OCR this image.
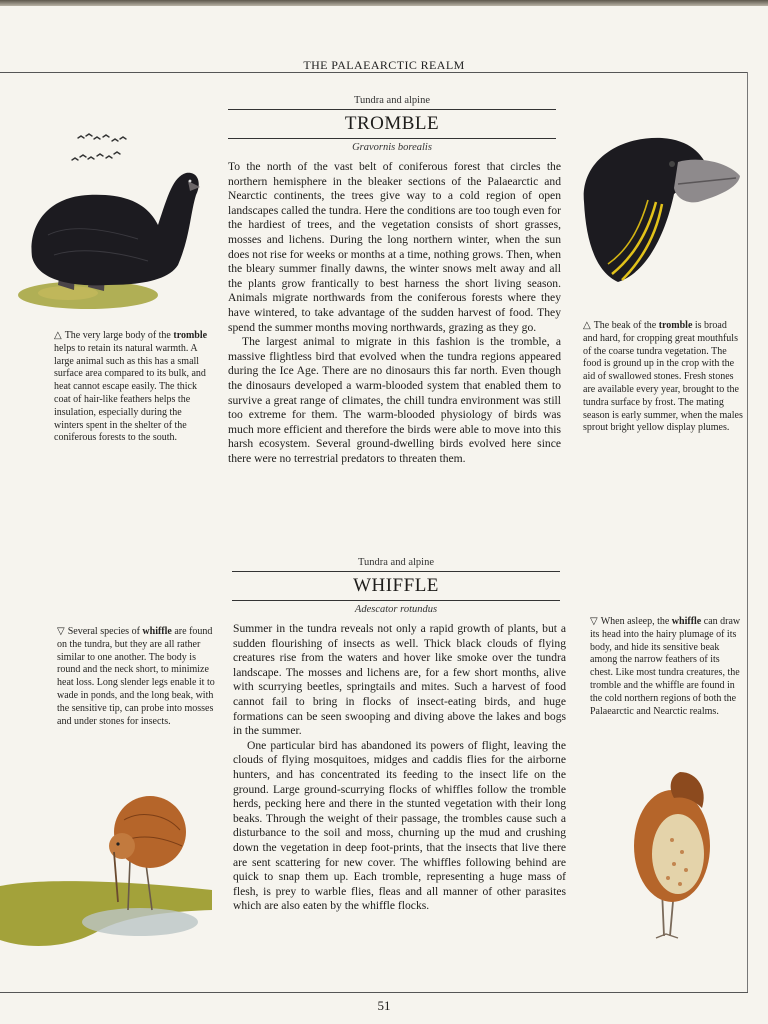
THE PALAEARCTIC REALM
Tundra and alpine
TROMBLE
Gravornis borealis

To the north of the vast belt of coniferous forest that circles the northern hemisphere in the bleaker sections of the Palaearctic and Nearctic continents, the trees give way to a cold region of open landscapes called the tundra. Here the conditions are too tough even for the hardiest of trees, and the vegetation consists of short grasses, mosses and lichens. During the long northern winter, when the sun does not rise for weeks or months at a time, nothing grows. Then, when the bleary summer finally dawns, the winter snows melt away and all the plants grow frantically to best harness the short living season. Animals migrate northwards from the coniferous forests where they have wintered, to take advantage of the sudden harvest of food. They spend the summer months moving northwards, grazing as they go.

The largest animal to migrate in this fashion is the tromble, a massive flightless bird that evolved when the tundra regions appeared during the Ice Age. There are no dinosaurs this far north. Even though the dinosaurs developed a warm-blooded system that enabled them to survive a great range of climates, the chill tundra environment was still too extreme for them. The warm-blooded physiology of birds was much more efficient and therefore the birds were able to move into this harsh ecosystem. Several ground-dwelling birds evolved here since there were no terrestrial predators to threaten them.

△ The very large body of the tromble helps to retain its natural warmth. A large animal such as this has a small surface area compared to its bulk, and heat cannot escape easily. The thick coat of hair-like feathers helps the insulation, especially during the winters spent in the shelter of the coniferous forests to the south.
△ The beak of the tromble is broad and hard, for cropping great mouthfuls of the coarse tundra vegetation. The food is ground up in the crop with the aid of swallowed stones. Fresh stones are available every year, brought to the tundra surface by frost. The mating season is early summer, when the males sprout bright yellow display plumes.
Tundra and alpine
WHIFFLE
Adescator rotundus

Summer in the tundra reveals not only a rapid growth of plants, but a sudden flourishing of insects as well. Thick black clouds of flying creatures rise from the waters and hover like smoke over the tundra landscape. The mosses and lichens are, for a few short months, alive with scurrying beetles, springtails and mites. Such a harvest of food cannot fail to bring in flocks of insect-eating birds, and huge formations can be seen swooping and diving above the lakes and bogs in the summer.

One particular bird has abandoned its powers of flight, leaving the clouds of flying mosquitoes, midges and caddis flies for the airborne hunters, and has concentrated its feeding to the insect life on the ground. Large ground-scurrying flocks of whiffles follow the tromble herds, pecking here and there in the stunted vegetation with their long beaks. Through the weight of their passage, the trombles cause such a disturbance to the soil and moss, churning up the mud and crushing down the vegetation in deep foot-prints, that the insects that live there are sent scattering for new cover. The whiffles following behind are quick to snap them up. Each tromble, representing a huge mass of flesh, is prey to warble flies, fleas and all manner of other parasites which are also eaten by the whiffle flocks.

▽ Several species of whiffle are found on the tundra, but they are all rather similar to one another. The body is round and the neck short, to minimize heat loss. Long slender legs enable it to wade in ponds, and the long beak, with the sensitive tip, can probe into mosses and under stones for insects.
▽ When asleep, the whiffle can draw its head into the hairy plumage of its body, and hide its sensitive beak among the narrow feathers of its chest. Like most tundra creatures, the tromble and the whiffle are found in the cold northern regions of both the Palaearctic and Nearctic realms.
51
